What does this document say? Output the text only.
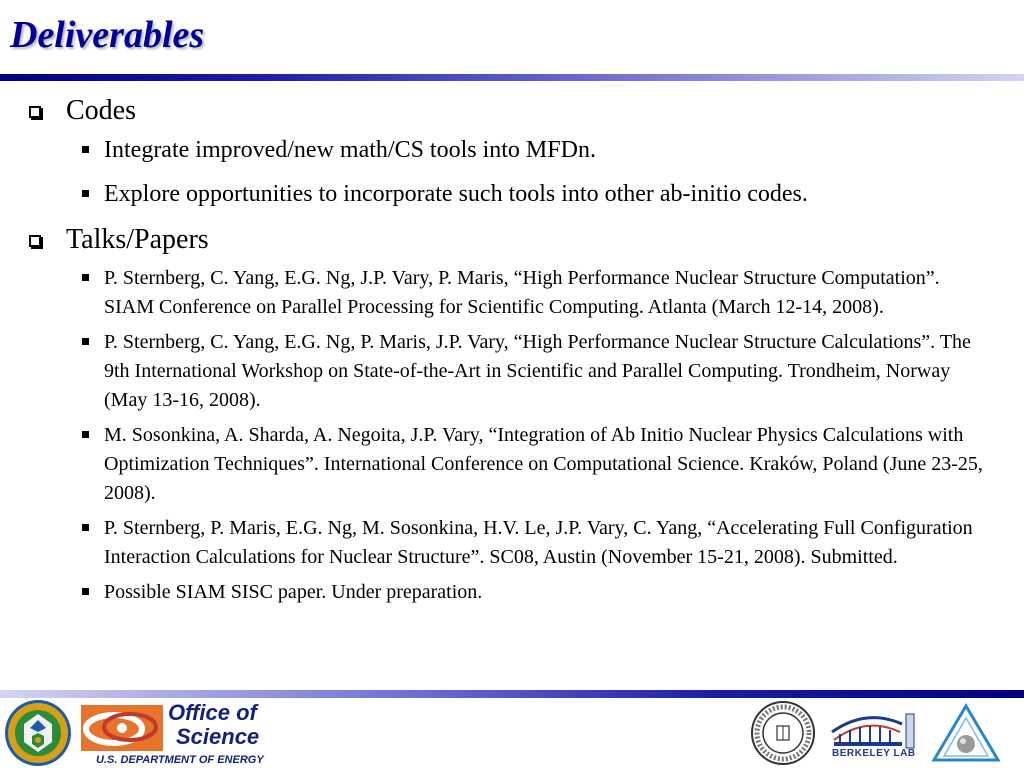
Deliverables
Codes
Integrate improved/new math/CS tools into MFDn.
Explore opportunities to incorporate such tools into other ab-initio codes.
Talks/Papers
P. Sternberg, C. Yang, E.G. Ng, J.P. Vary, P. Maris, “High Performance Nuclear Structure Computation”. SIAM Conference on Parallel Processing for Scientific Computing. Atlanta (March 12-14, 2008).
P. Sternberg, C. Yang, E.G. Ng, P. Maris, J.P. Vary, “High Performance Nuclear Structure Calculations”. The 9th International Workshop on State-of-the-Art in Scientific and Parallel Computing. Trondheim, Norway (May 13-16, 2008).
M. Sosonkina, A. Sharda, A. Negoita, J.P. Vary, “Integration of Ab Initio Nuclear Physics Calculations with Optimization Techniques”. International Conference on Computational Science. Kraków, Poland (June 23-25, 2008).
P. Sternberg, P. Maris, E.G. Ng, M. Sosonkina, H.V. Le, J.P. Vary, C. Yang, “Accelerating Full Configuration Interaction Calculations for Nuclear Structure”. SC08, Austin (November 15-21, 2008). Submitted.
Possible SIAM SISC paper. Under preparation.
Office of
Science
U.S. DEPARTMENT OF ENERGY
BERKELEY LAB
